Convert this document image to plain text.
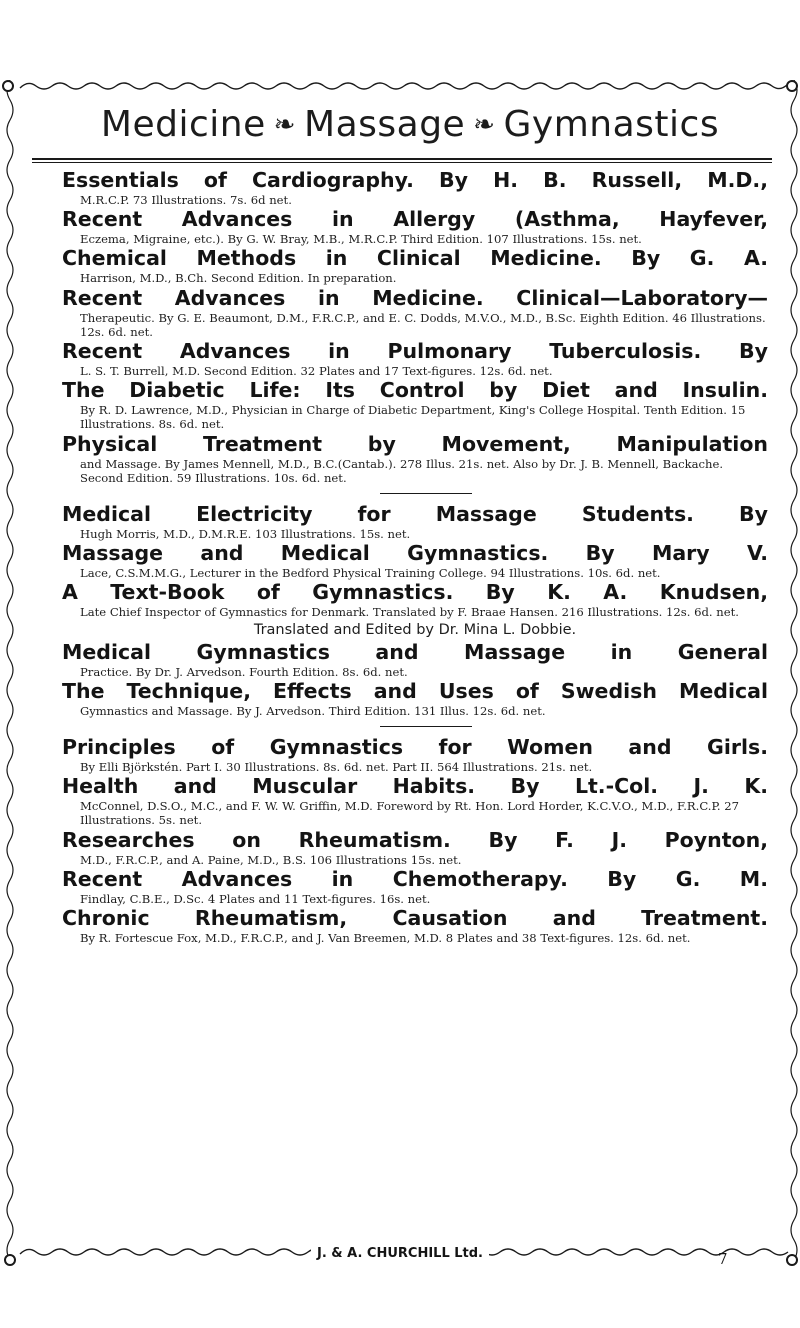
Medicine ❧ Massage ❧ Gymnastics
Essentials of Cardiography. By H. B. Russell, M.D.,
M.R.C.P. 73 Illustrations. 7s. 6d net.
Recent Advances in Allergy (Asthma, Hayfever,
Eczema, Migraine, etc.). By G. W. Bray, M.B., M.R.C.P. Third Edition. 107 Illustrations. 15s. net.
Chemical Methods in Clinical Medicine. By G. A.
Harrison, M.D., B.Ch. Second Edition. In preparation.
Recent Advances in Medicine. Clinical—Laboratory—
Therapeutic. By G. E. Beaumont, D.M., F.R.C.P., and E. C. Dodds, M.V.O., M.D., B.Sc. Eighth Edition. 46 Illustrations. 12s. 6d. net.
Recent Advances in Pulmonary Tuberculosis. By
L. S. T. Burrell, M.D. Second Edition. 32 Plates and 17 Text-figures. 12s. 6d. net.
The Diabetic Life: Its Control by Diet and Insulin.
By R. D. Lawrence, M.D., Physician in Charge of Diabetic Department, King's College Hospital. Tenth Edition. 15 Illustrations. 8s. 6d. net.
Physical Treatment by Movement, Manipulation
and Massage. By James Mennell, M.D., B.C.(Cantab.). 278 Illus. 21s. net. Also by Dr. J. B. Mennell, Backache. Second Edition. 59 Illustrations. 10s. 6d. net.
Medical Electricity for Massage Students. By
Hugh Morris, M.D., D.M.R.E. 103 Illustrations. 15s. net.
Massage and Medical Gymnastics. By Mary V.
Lace, C.S.M.M.G., Lecturer in the Bedford Physical Training College. 94 Illustrations. 10s. 6d. net.
A Text-Book of Gymnastics. By K. A. Knudsen,
Late Chief Inspector of Gymnastics for Denmark. Translated by F. Braae Hansen. 216 Illustrations. 12s. 6d. net.
Translated and Edited by Dr. Mina L. Dobbie.
Medical Gymnastics and Massage in General
Practice. By Dr. J. Arvedson. Fourth Edition. 8s. 6d. net.
The Technique, Effects and Uses of Swedish Medical
Gymnastics and Massage. By J. Arvedson. Third Edition. 131 Illus. 12s. 6d. net.
Principles of Gymnastics for Women and Girls.
By Elli Björkstén. Part I. 30 Illustrations. 8s. 6d. net. Part II. 564 Illustrations. 21s. net.
Health and Muscular Habits. By Lt.-Col. J. K.
McConnel, D.S.O., M.C., and F. W. W. Griffin, M.D. Foreword by Rt. Hon. Lord Horder, K.C.V.O., M.D., F.R.C.P. 27 Illustrations. 5s. net.
Researches on Rheumatism. By F. J. Poynton,
M.D., F.R.C.P., and A. Paine, M.D., B.S. 106 Illustrations 15s. net.
Recent Advances in Chemotherapy. By G. M.
Findlay, C.B.E., D.Sc. 4 Plates and 11 Text-figures. 16s. net.
Chronic Rheumatism, Causation and Treatment.
By R. Fortescue Fox, M.D., F.R.C.P., and J. Van Breemen, M.D. 8 Plates and 38 Text-figures. 12s. 6d. net.
J. & A. CHURCHILL Ltd.	7
